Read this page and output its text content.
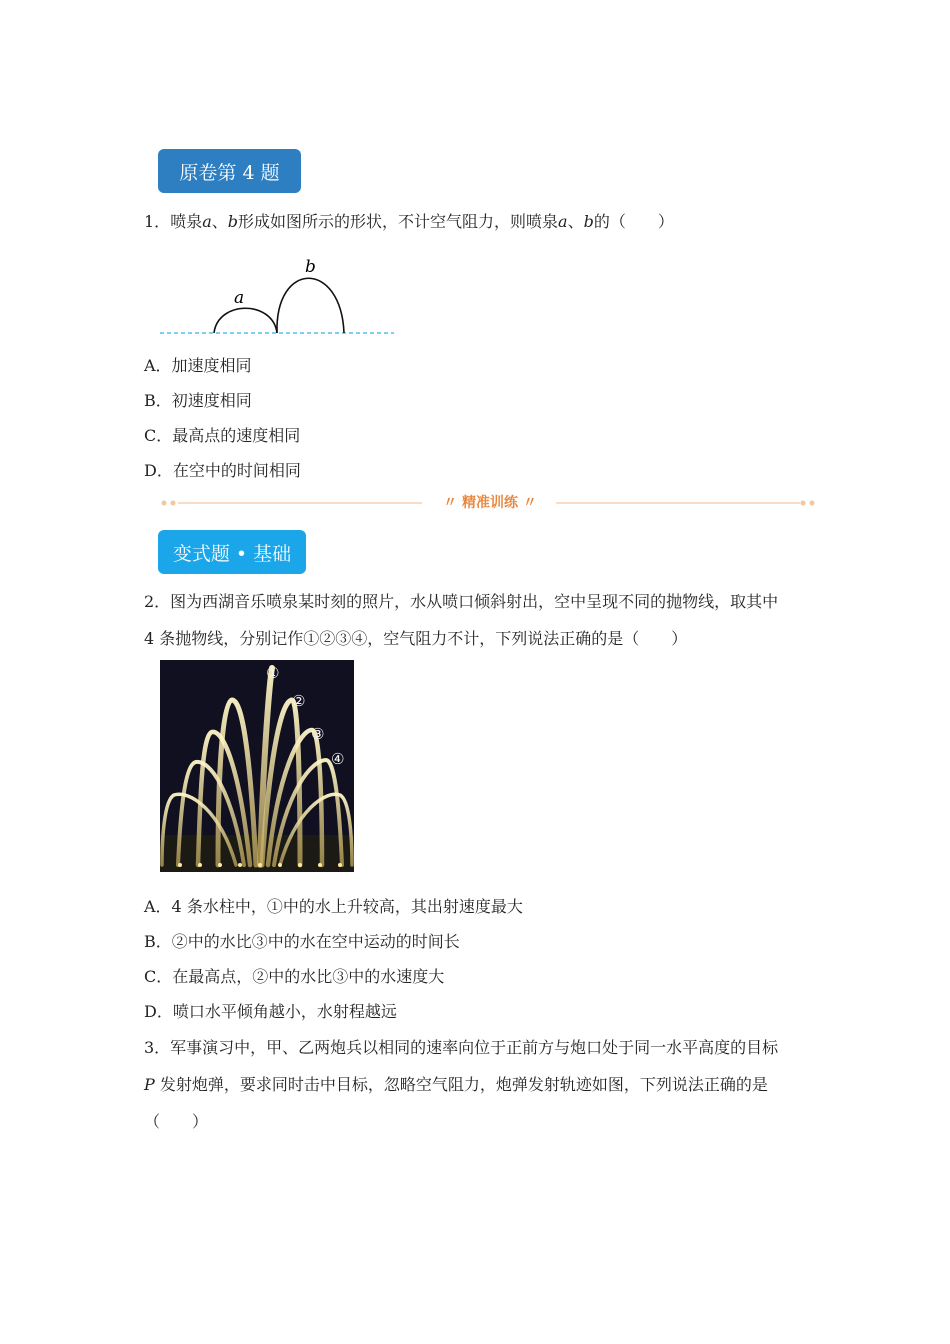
原卷第 4 题
1．喷泉a、b形成如图所示的形状，不计空气阻力，则喷泉a、b的（　　）
a
b
A．加速度相同
B．初速度相同
C．最高点的速度相同
D．在空中的时间相同
〃 精准训练 〃
变式题 • 基础
2．图为西湖音乐喷泉某时刻的照片，水从喷口倾斜射出，空中呈现不同的抛物线，取其中
4 条抛物线，分别记作①②③④，空气阻力不计，下列说法正确的是（　　）
①
②
③
④
A．4 条水柱中，①中的水上升较高，其出射速度最大
B．②中的水比③中的水在空中运动的时间长
C．在最高点，②中的水比③中的水速度大
D．喷口水平倾角越小，水射程越远
3．军事演习中，甲、乙两炮兵以相同的速率向位于正前方与炮口处于同一水平高度的目标
P 发射炮弹，要求同时击中目标，忽略空气阻力，炮弹发射轨迹如图，下列说法正确的是
（　　）
